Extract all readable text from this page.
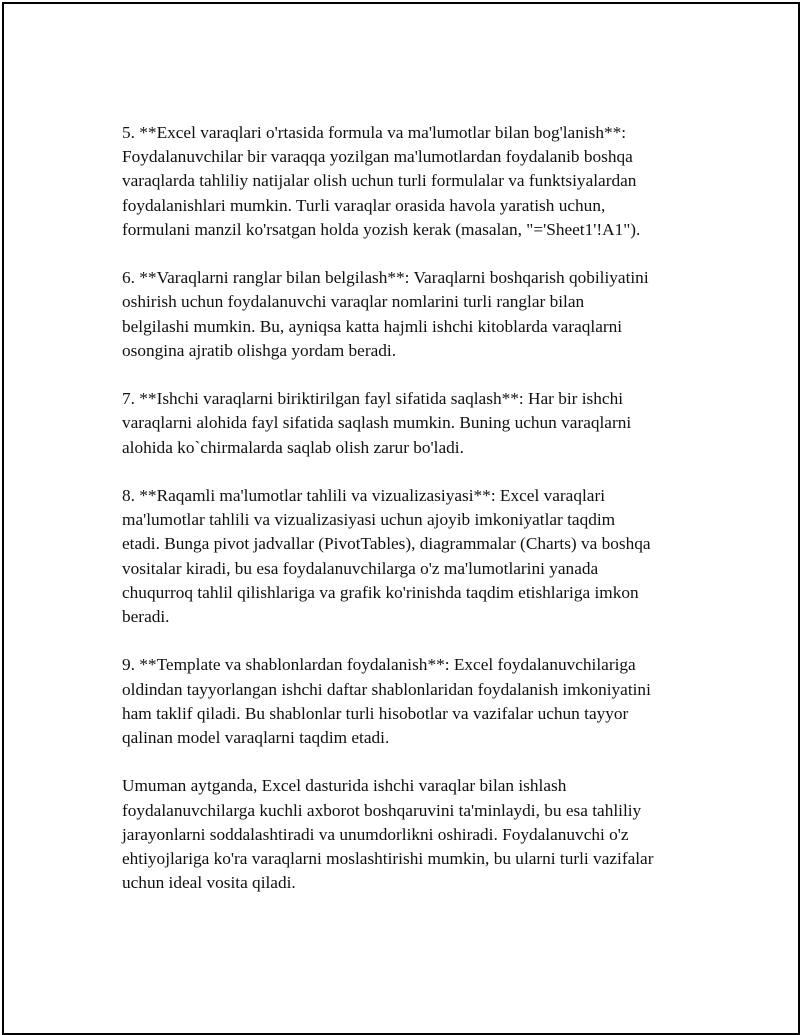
5. **Excel varaqlari o'rtasida formula va ma'lumotlar bilan bog'lanish**:
Foydalanuvchilar bir varaqqa yozilgan ma'lumotlardan foydalanib boshqa
varaqlarda tahliliy natijalar olish uchun turli formulalar va funktsiyalardan
foydalanishlari mumkin. Turli varaqlar orasida havola yaratish uchun,
formulani manzil ko'rsatgan holda yozish kerak (masalan, "='Sheet1'!A1").

6. **Varaqlarni ranglar bilan belgilash**: Varaqlarni boshqarish qobiliyatini
oshirish uchun foydalanuvchi varaqlar nomlarini turli ranglar bilan
belgilashi mumkin. Bu, ayniqsa katta hajmli ishchi kitoblarda varaqlarni
osongina ajratib olishga yordam beradi.

7. **Ishchi varaqlarni biriktirilgan fayl sifatida saqlash**: Har bir ishchi
varaqlarni alohida fayl sifatida saqlash mumkin. Buning uchun varaqlarni
alohida ko`chirmalarda saqlab olish zarur bo'ladi.

8. **Raqamli ma'lumotlar tahlili va vizualizasiyasi**: Excel varaqlari
ma'lumotlar tahlili va vizualizasiyasi uchun ajoyib imkoniyatlar taqdim
etadi. Bunga pivot jadvallar (PivotTables), diagrammalar (Charts) va boshqa
vositalar kiradi, bu esa foydalanuvchilarga o'z ma'lumotlarini yanada
chuqurroq tahlil qilishlariga va grafik ko'rinishda taqdim etishlariga imkon
beradi.

9. **Template va shablonlardan foydalanish**: Excel foydalanuvchilariga
oldindan tayyorlangan ishchi daftar shablonlaridan foydalanish imkoniyatini
ham taklif qiladi. Bu shablonlar turli hisobotlar va vazifalar uchun tayyor
qalinan model varaqlarni taqdim etadi.

Umuman aytganda, Excel dasturida ishchi varaqlar bilan ishlash
foydalanuvchilarga kuchli axborot boshqaruvini ta'minlaydi, bu esa tahliliy
jarayonlarni soddalashtiradi va unumdorlikni oshiradi. Foydalanuvchi o'z
ehtiyojlariga ko'ra varaqlarni moslashtirishi mumkin, bu ularni turli vazifalar
uchun ideal vosita qiladi.
